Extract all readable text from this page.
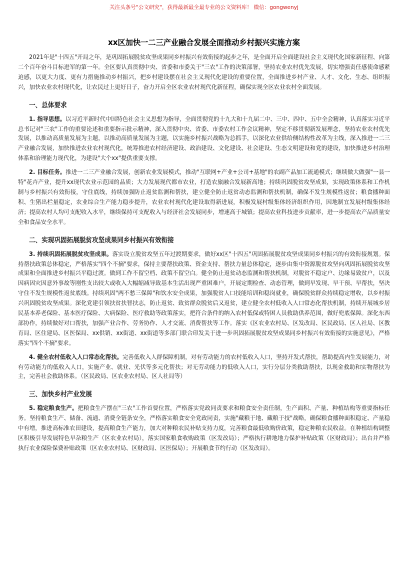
关注头条号"公文研究"，获得最新最全最专业的公文资料库！ 微信：gongwenyj
xx区加快一二三产业融合发展全面推动乡村振兴实施方案

2021年是"十四五"开局之年，是巩固拓展脱贫攻坚成果同乡村振兴有效衔接的起步之年，是全面开启全面建设社会主义现代化国家新征程、向第二个百年奋斗目标进军的第一年。全区要认真贯彻中央、省委和市委关于"三农"工作的决策部署，坚持农业农村优先发展，切实增强责任感使命感紧迫感，以更大力度、更有力措施推动乡村振兴，把乡村建设摆在社会主义现代化建设的重要位置，全面推进乡村产业、人才、文化、生态、组织振兴，加快农业农村现代化，让农民过上更好日子，奋力开启全区农业农村现代化新征程，确保实现全区农业农村全面发展。

一、总体要求

1. 指导思想。以习近平新时代中国特色社会主义思想为指导，全面贯彻党的十九大和十九届二中、三中、四中、五中全会精神，认真落实习近平总书记对"三农"工作的重要论述和重要指示批示精神，深入贯彻中央、省委、市委农村工作会议精神，坚定不移贯彻新发展理念，坚持农业农村优先发展，以推动高质量发展为主题，以推动高质量发展为主题，以实施乡村振兴战略为总抓手，以深化农业供给侧结构性改革为主线，深入推进一二三产业融合发展，加快推进农业农村现代化，统筹推进农村经济建设、政治建设、文化建设、社会建设、生态文明建设和党的建设，加快推进乡村治理体系和治理能力现代化，为建设"大个xx"提供重要支撑。

2. 目标任务。推进一二三产业融合发展，创新农业发展模式，推动"互联网+产业+公司+基地"的农副产品加工流通模式；继续做大做强"一县一特"花卉产业，提升xx现代农业示范园的品质；大力发展现代都市农业，打造农旅融合发展新高地；持续巩固脱贫攻坚成果，实现政策体系和工作机制与乡村振兴有效衔接，守住底线，持续加强防止返贫监测和帮扶，建立健全防止返贫动态监测和帮扶机制，确保不发生规模性返贫；粮食播种面积、生猪出栏量稳定，农业综合生产能力稳步提升，农业农村现代化建设取得新进展，积极发展村级集体经济组织作用，因地制宜发展村级集体经济；提高农村人均可支配收入水平，继续保持可支配收入与经济社会发展同步，增速高于城镇；提高农业科技进步贡献率，进一步提高农产品质量安全和食品安全水平。

二、实现巩固拓展脱贫攻坚成果同乡村振兴有效衔接

3. 持续巩固拓展脱贫攻坚成果。落实设立脱贫攻坚五年过渡期要求，做好xx区"十四五"巩固拓展脱贫攻坚成果同乡村振兴的有效衔接规划。保持帮扶政策总体稳定，严格落实"四个不摘"要求，保持主要帮扶政策、资金支持、帮扶力量总体稳定，逐步由集中资源脱贫攻坚向巩固拓展脱贫攻坚成果和全面推进乡村振兴平稳过渡。做到工作不留空档、政策不留空白。健全防止返贫动态监测和帮扶机制，对脱贫不稳定户、边缘易致贫户，以及因病因灾因意外事故等刚性支出较大或收入大幅缩减导致基本生活出现严重困难户，开展定期检查、动态管理，做到早发现、早干预、早帮扶，坚决守住不发生规模性返贫底线。持续巩固"两不愁三保障"和饮水安全成果，加强脱贫人口技能培训和稳岗就业，确保脱贫群众持续稳定增收，以乡村振兴巩固脱贫攻坚成果。深化党建引领扶贫扶智扶志，防止返贫、致贫群众脱贫后又返贫，建立健全农村低收入人口常态化帮扶机制，持续开展城乡居民基本养老保险、基本医疗保险、大病保险、医疗救助等政策落实，把符合条件的纳入农村低保或特困人员救助供养范围，做好兜底保障。深化东西部协作，持续做好对口帮扶，加强产业合作、劳务协作、人才交流、消费帮扶等工作。落实《区农业农村局、区发改局、区民政局、区人社局、区教育局、区住建局、区医保局、xx供销、xx街道、xx街道等多部门联合印发关于进一步巩固拓展脱贫攻坚成果同乡村振兴有效衔接的实施意见》，严格落实"四个不摘"要求。

4. 健全农村低收入人口常态化帮扶。完善低收入人群保障机制，对有劳动能力的农村低收入人口，坚持开发式帮扶，帮助提高内生发展能力，对有劳动能力的低收入人口，实施产业、就业、光伏等多元化帮扶；对无劳动能力的低收入人口，实行分层分类救助帮扶，以现金救助和实物帮扶为主，完善社会救助体系。（区民政局、区农业农村局、区人社局等）

三、加快乡村产业发展

5. 稳定粮食生产。把粮食生产摆在"三农"工作首要位置，严格落实党政同责要求和粮食安全责任制，生产面积、产量、种植结构等重要指标任务。坚持粮食生产、储备、流通、消费全链条安全，严格落实粮食安全党政同责，实施"藏粮于地、藏粮于技"战略，确保粮食播种面积稳定、产量稳中有增，推进高标准农田建设，提高粮食生产能力，加大对种粮农民补贴支持力度，完善粮食最低收购价政策，稳定种粮农民收益。在种植结构调整区积极引导发展特色早杂粮生产（区农业农村局），落实国家粮食收购政策（区发改局）；严格执行耕地地力保护补贴政策（区财政局）；出台并严格执行农业保险保费补贴政策（区农业农村局、区财政局、区医保局）；开展粮食节约行动（区发改局）。
